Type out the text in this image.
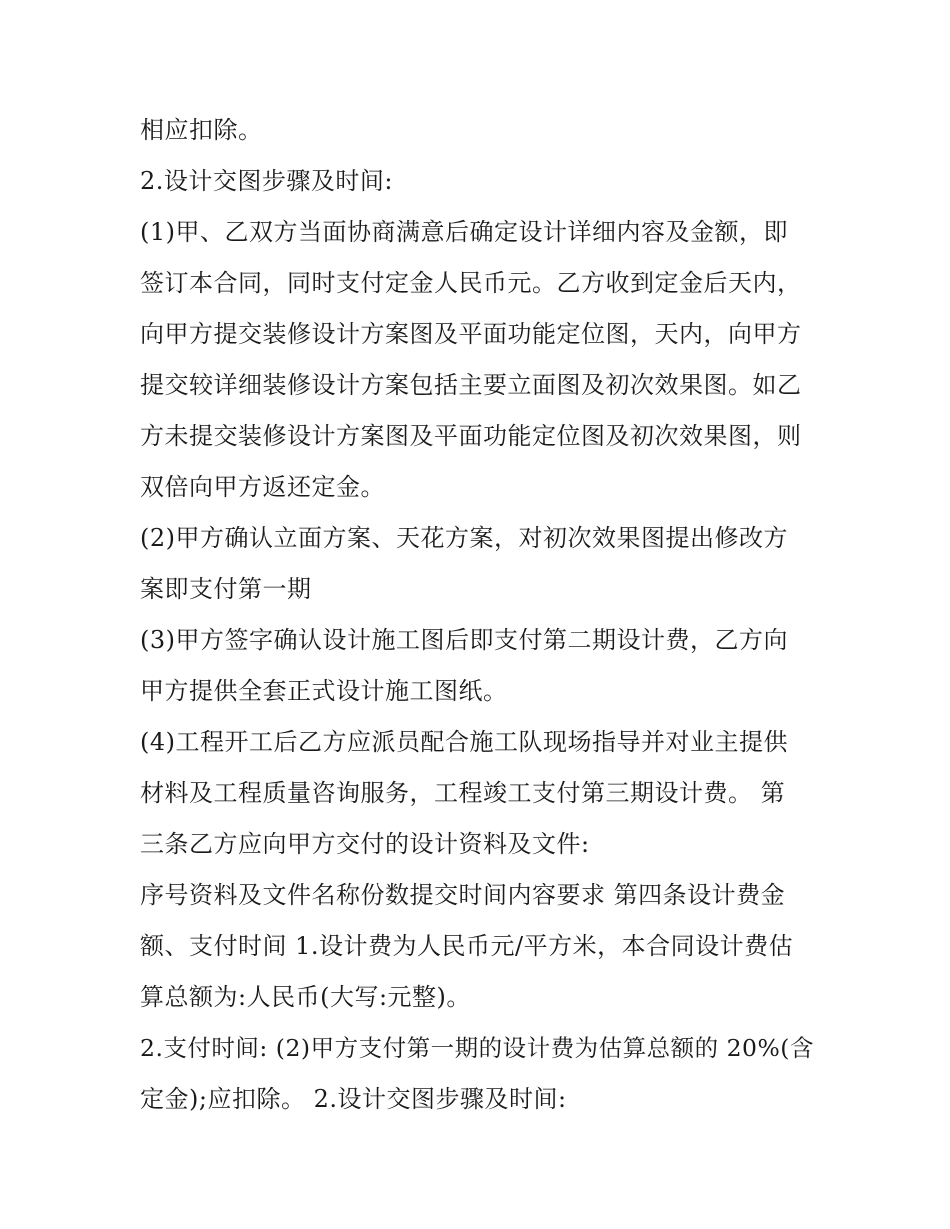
相应扣除。

2.设计交图步骤及时间:

(1)甲、乙双方当面协商满意后确定设计详细内容及金额，即

签订本合同，同时支付定金人民币元。乙方收到定金后天内，

向甲方提交装修设计方案图及平面功能定位图，天内，向甲方

提交较详细装修设计方案包括主要立面图及初次效果图。如乙

方未提交装修设计方案图及平面功能定位图及初次效果图，则

双倍向甲方返还定金。

(2)甲方确认立面方案、天花方案，对初次效果图提出修改方

案即支付第一期

(3)甲方签字确认设计施工图后即支付第二期设计费，乙方向

甲方提供全套正式设计施工图纸。

(4)工程开工后乙方应派员配合施工队现场指导并对业主提供

材料及工程质量咨询服务，工程竣工支付第三期设计费。 第

三条乙方应向甲方交付的设计资料及文件:

序号资料及文件名称份数提交时间内容要求 第四条设计费金

额、支付时间 1.设计费为人民币元/平方米，本合同设计费估

算总额为:人民币(大写:元整)。

2.支付时间: (2)甲方支付第一期的设计费为估算总额的 20%(含

定金);应扣除。 2.设计交图步骤及时间:
